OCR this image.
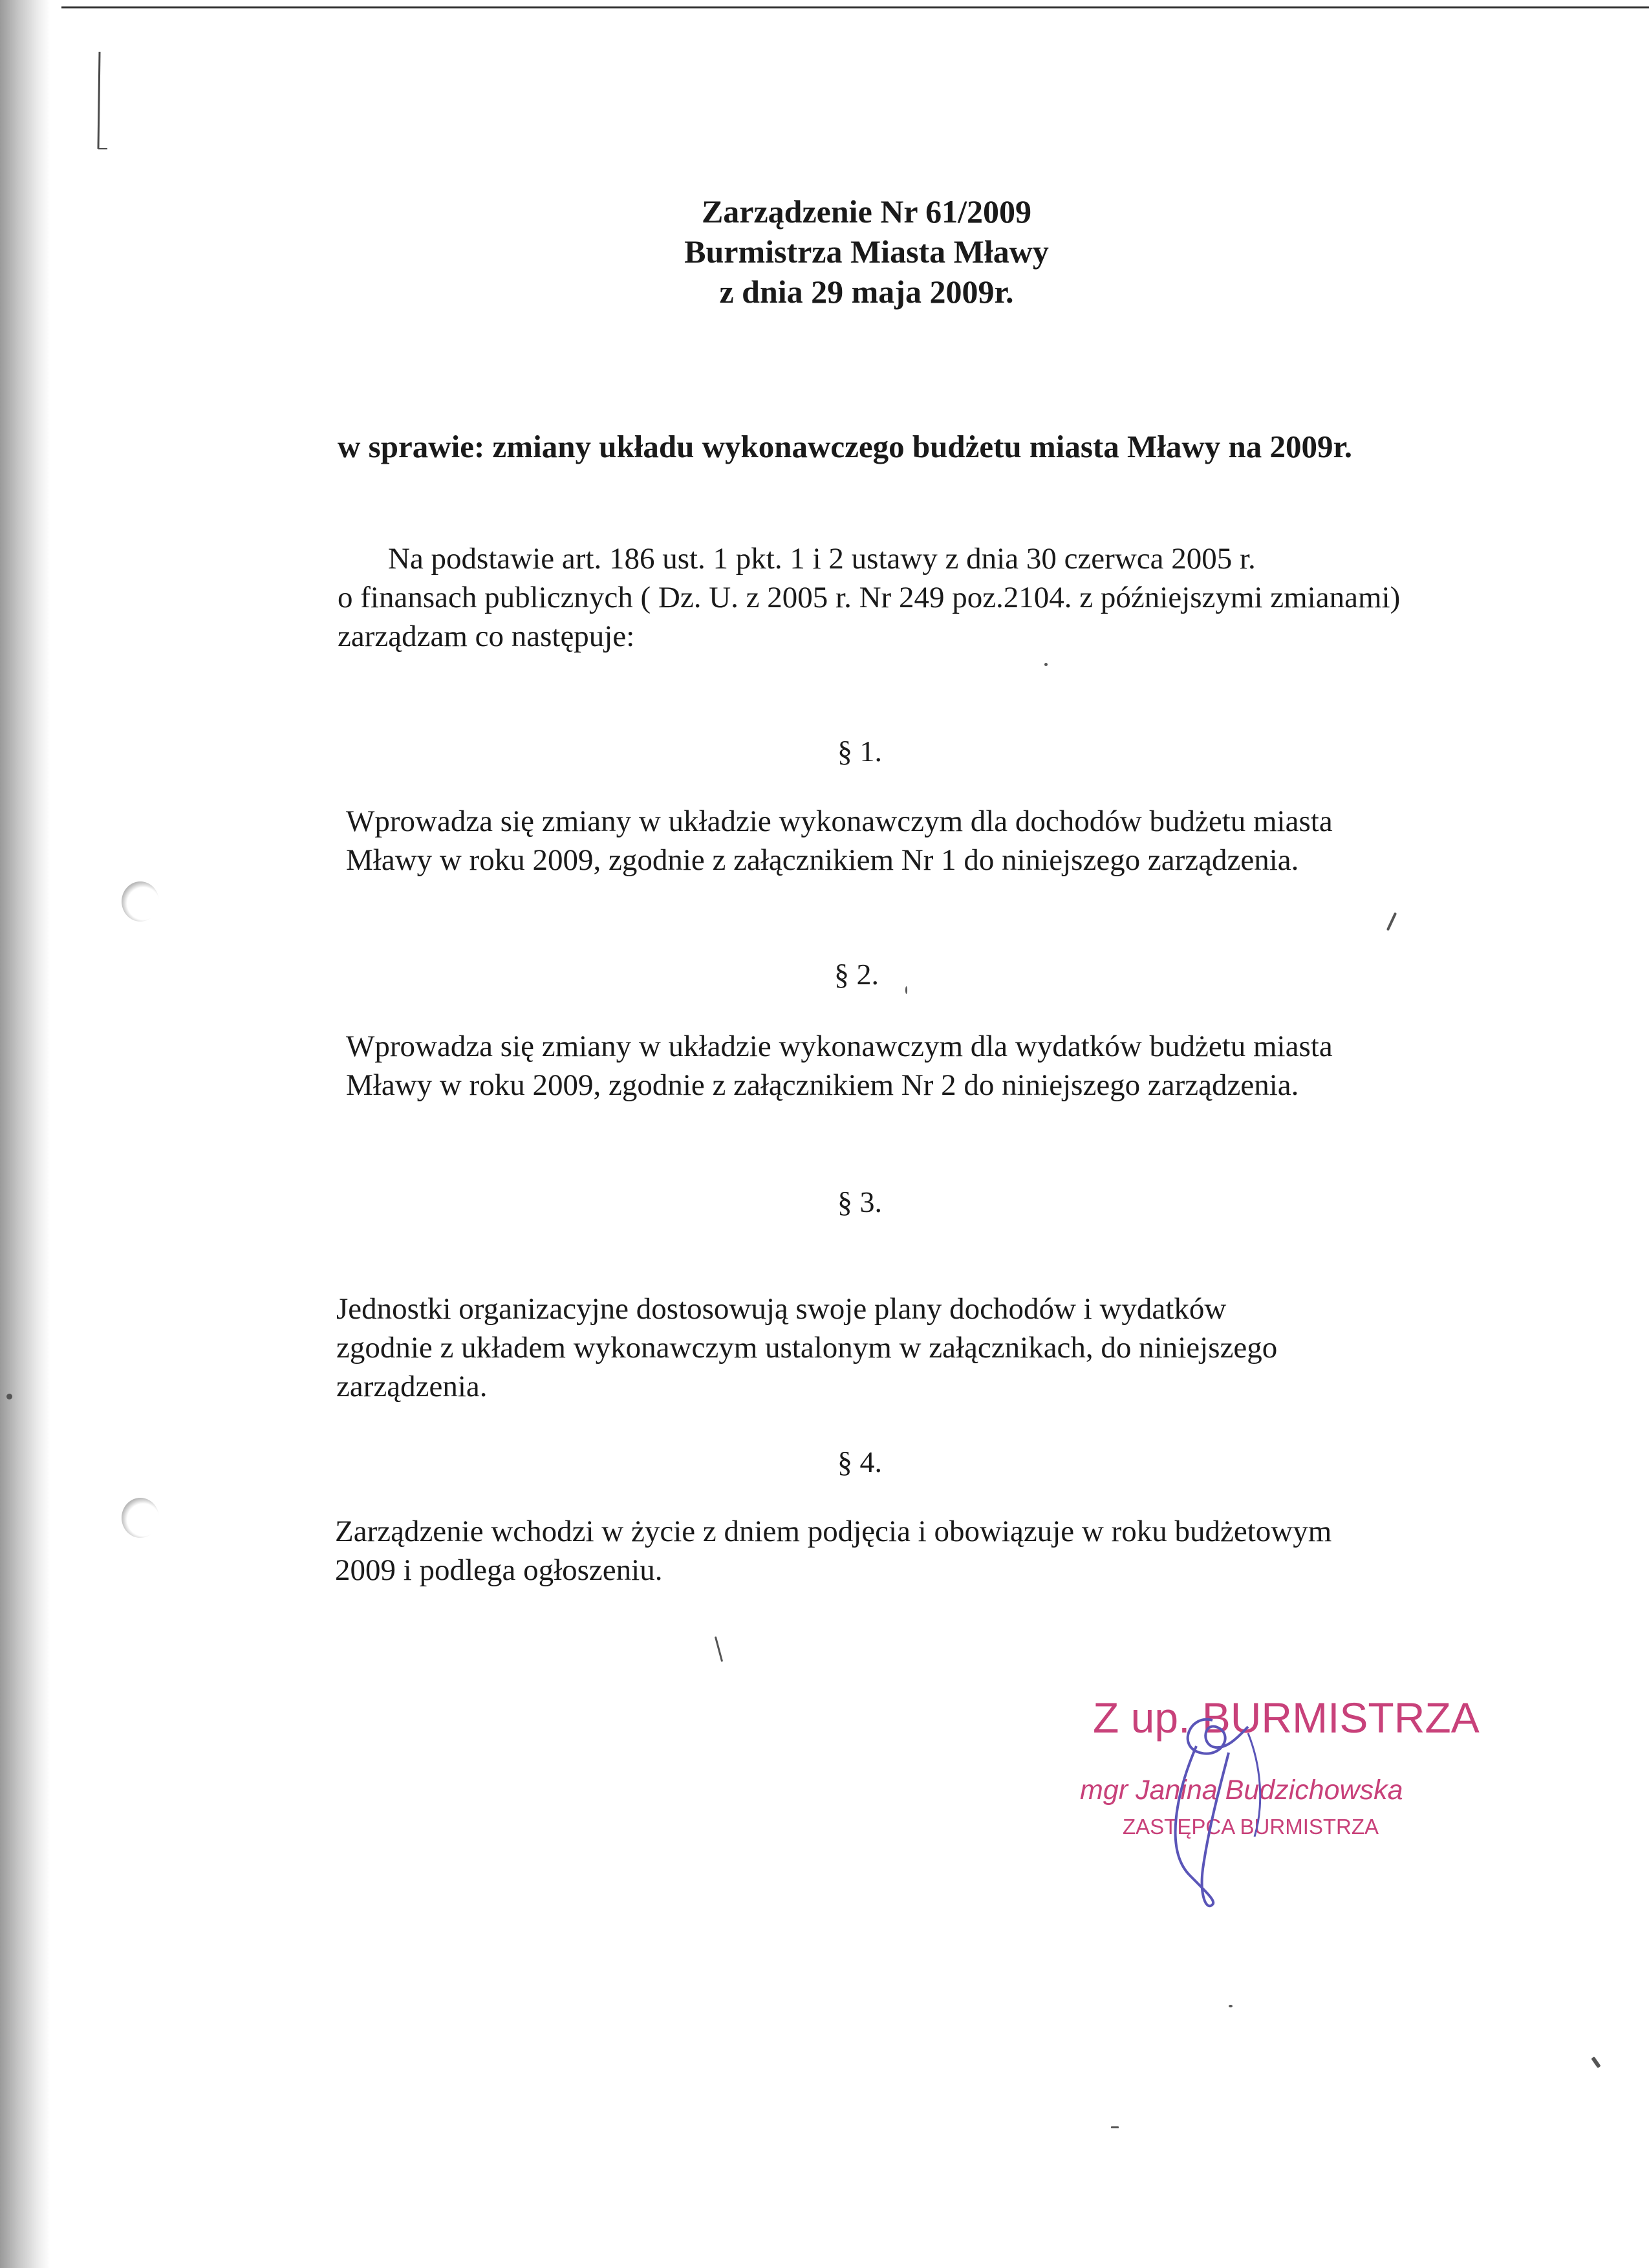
Zarządzenie Nr 61/2009
Burmistrza Miasta Mławy
z dnia 29 maja 2009r.
w sprawie: zmiany układu wykonawczego budżetu miasta Mławy na 2009r.
Na podstawie art. 186 ust. 1 pkt. 1 i 2 ustawy z dnia 30 czerwca 2005 r.
o finansach publicznych ( Dz. U. z 2005 r. Nr 249 poz.2104. z późniejszymi zmianami)
zarządzam co następuje:
§ 1.
Wprowadza się zmiany w układzie wykonawczym dla dochodów budżetu miasta
Mławy w roku 2009, zgodnie z załącznikiem Nr 1 do niniejszego zarządzenia.
§ 2.
Wprowadza się zmiany w układzie wykonawczym dla wydatków budżetu miasta
Mławy w roku 2009, zgodnie z załącznikiem Nr 2 do niniejszego zarządzenia.
§ 3.
Jednostki organizacyjne dostosowują swoje plany dochodów i wydatków
zgodnie z układem wykonawczym ustalonym w załącznikach, do niniejszego
zarządzenia.
§ 4.
Zarządzenie wchodzi w życie z dniem podjęcia i obowiązuje w roku budżetowym
2009 i podlega ogłoszeniu.
Z up. BURMISTRZA
mgr Janina Budzichowska
ZASTĘPCA BURMISTRZA
